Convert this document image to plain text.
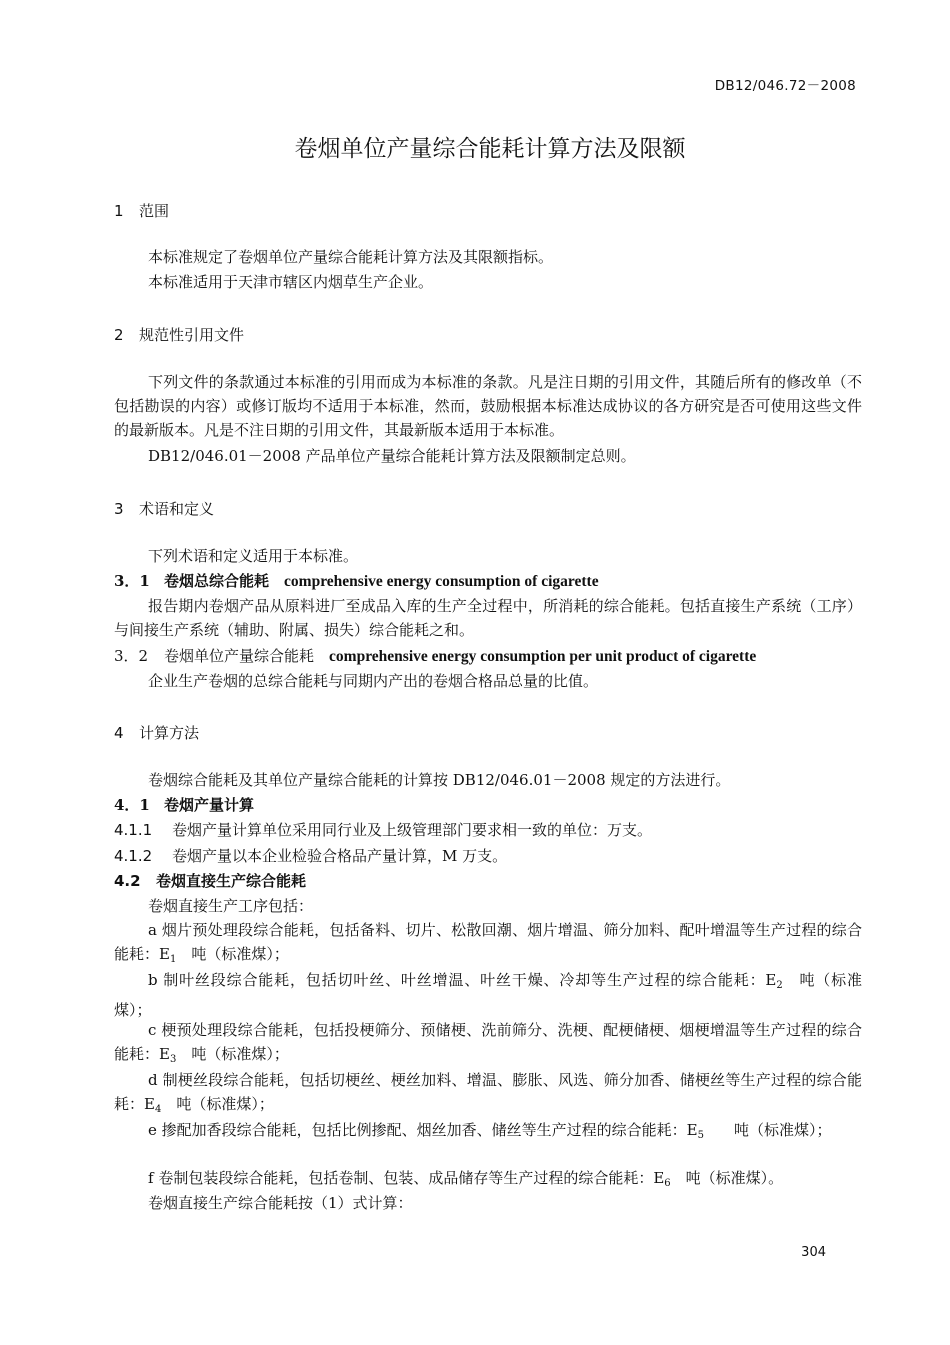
DB12/046.72－2008
卷烟单位产量综合能耗计算方法及限额
1 范围
本标准规定了卷烟单位产量综合能耗计算方法及其限额指标。
本标准适用于天津市辖区内烟草生产企业。
2 规范性引用文件
下列文件的条款通过本标准的引用而成为本标准的条款。凡是注日期的引用文件，其随后所有的修改单（不包括勘误的内容）或修订版均不适用于本标准，然而，鼓励根据本标准达成协议的各方研究是否可使用这些文件的最新版本。凡是不注日期的引用文件，其最新版本适用于本标准。
DB12/046.01－2008 产品单位产量综合能耗计算方法及限额制定总则。
3 术语和定义
下列术语和定义适用于本标准。
3．1 卷烟总综合能耗　 comprehensive energy consumption of cigarette
报告期内卷烟产品从原料进厂至成品入库的生产全过程中，所消耗的综合能耗。包括直接生产系统（工序）与间接生产系统（辅助、附属、损失）综合能耗之和。
3．2 卷烟单位产量综合能耗　 comprehensive energy consumption per unit product of cigarette
企业生产卷烟的总综合能耗与同期内产出的卷烟合格品总量的比值。
4 计算方法
卷烟综合能耗及其单位产量综合能耗的计算按 DB12/046.01－2008 规定的方法进行。
4．1 卷烟产量计算
4.1.1 卷烟产量计算单位采用同行业及上级管理部门要求相一致的单位：万支。
4.1.2 卷烟产量以本企业检验合格品产量计算，M 万支。
4.2 卷烟直接生产综合能耗
卷烟直接生产工序包括：
a 烟片预处理段综合能耗，包括备料、切片、松散回潮、烟片增温、筛分加料、配叶增温等生产过程的综合能耗：$E_1$　吨（标准煤）；
b 制叶丝段综合能耗，包括切叶丝、叶丝增温、叶丝干燥、冷却等生产过程的综合能耗：$E_2$　吨（标准煤）；
c 梗预处理段综合能耗，包括投梗筛分、预储梗、洗前筛分、洗梗、配梗储梗、烟梗增温等生产过程的综合能耗：$E_3$　吨（标准煤）；
d 制梗丝段综合能耗，包括切梗丝、梗丝加料、增温、膨胀、风选、筛分加香、储梗丝等生产过程的综合能耗：$E_4$　吨（标准煤）；
e 掺配加香段综合能耗，包括比例掺配、烟丝加香、储丝等生产过程的综合能耗：$E_5$　　吨（标准煤）；
f 卷制包装段综合能耗，包括卷制、包装、成品储存等生产过程的综合能耗：$E_6$　吨（标准煤）。
卷烟直接生产综合能耗按（1）式计算：
304
